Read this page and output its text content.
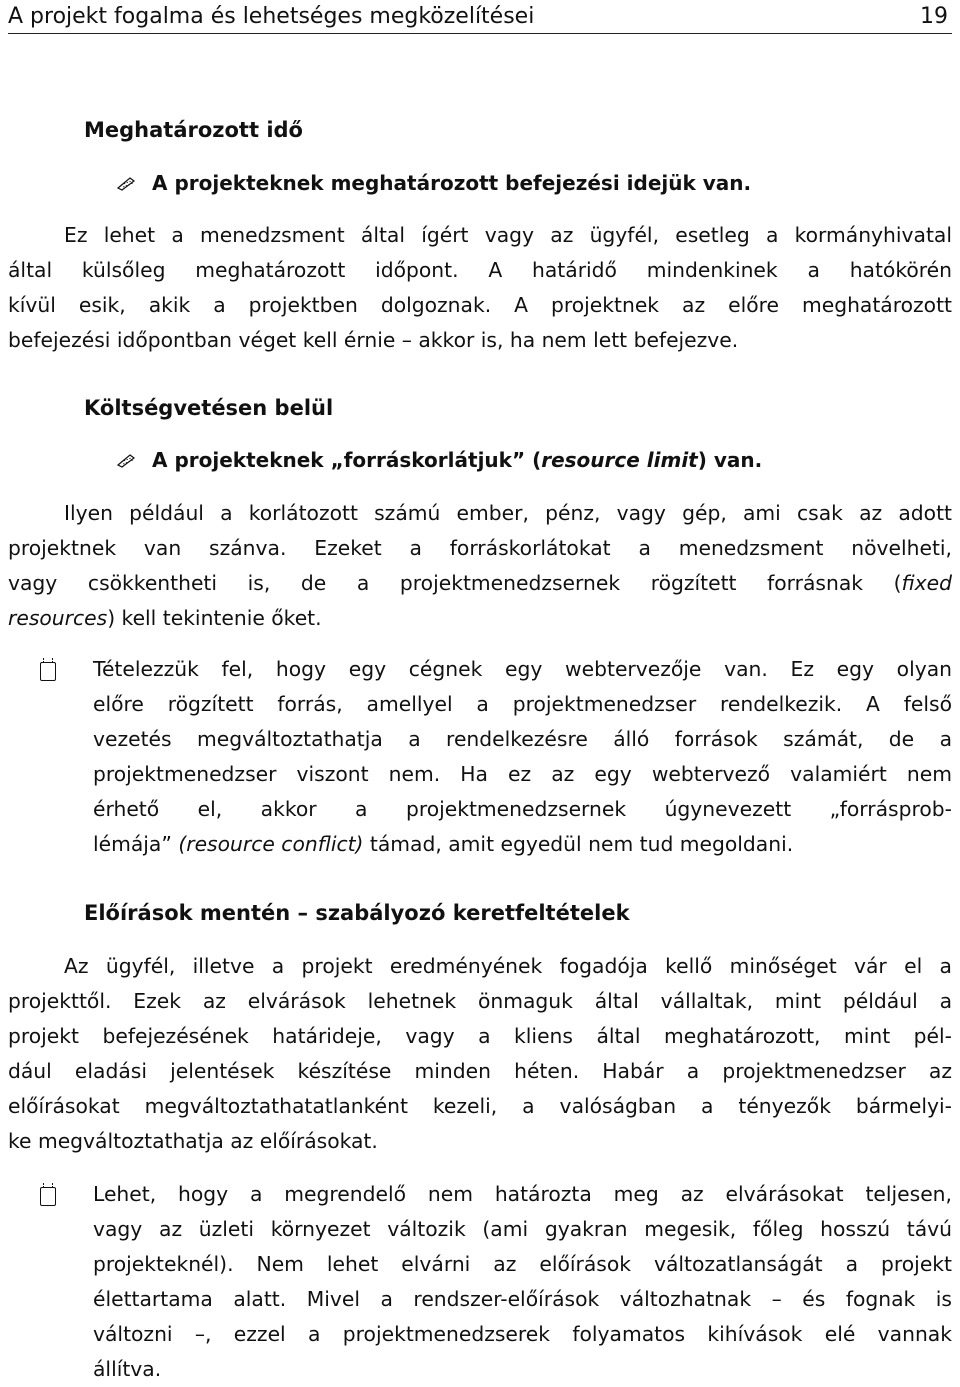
A projekt fogalma és lehetséges megközelítései	19
Meghatározott idő
A projekteknek meghatározott befejezési idejük van.
Ez lehet a menedzsment által ígért vagy az ügyfél, esetleg a kormányhivatal
által külsőleg meghatározott időpont. A határidő mindenkinek a hatókörén
kívül esik, akik a projektben dolgoznak. A projektnek az előre meghatározott
befejezési időpontban véget kell érnie – akkor is, ha nem lett befejezve.
Költségvetésen belül
A projekteknek „forráskorlátjuk” (resource limit) van.
Ilyen például a korlátozott számú ember, pénz, vagy gép, ami csak az adott
projektnek van szánva. Ezeket a forráskorlátokat a menedzsment növelheti,
vagy csökkentheti is, de a projektmenedzsernek rögzített forrásnak (fixed
resources) kell tekintenie őket.
Tételezzük fel, hogy egy cégnek egy webtervezője van. Ez egy olyan
előre rögzített forrás, amellyel a projektmenedzser rendelkezik. A felső
vezetés megváltoztathatja a rendelkezésre álló források számát, de a
projektmenedzser viszont nem. Ha ez az egy webtervező valamiért nem
érhető el, akkor a projektmenedzsernek úgynevezett „forrásprob-
lémája” (resource conflict) támad, amit egyedül nem tud megoldani.
Előírások mentén – szabályozó keretfeltételek
Az ügyfél, illetve a projekt eredményének fogadója kellő minőséget vár el a
projekttől. Ezek az elvárások lehetnek önmaguk által vállaltak, mint például a
projekt befejezésének határideje, vagy a kliens által meghatározott, mint pél-
dául eladási jelentések készítése minden héten. Habár a projektmenedzser az
előírásokat megváltoztathatatlanként kezeli, a valóságban a tényezők bármelyi-
ke megváltoztathatja az előírásokat.
Lehet, hogy a megrendelő nem határozta meg az elvárásokat teljesen,
vagy az üzleti környezet változik (ami gyakran megesik, főleg hosszú távú
projekteknél). Nem lehet elvárni az előírások változatlanságát a projekt
élettartama alatt. Mivel a rendszer-előírások változhatnak – és fognak is
változni –, ezzel a projektmenedzserek folyamatos kihívások elé vannak
állítva.
